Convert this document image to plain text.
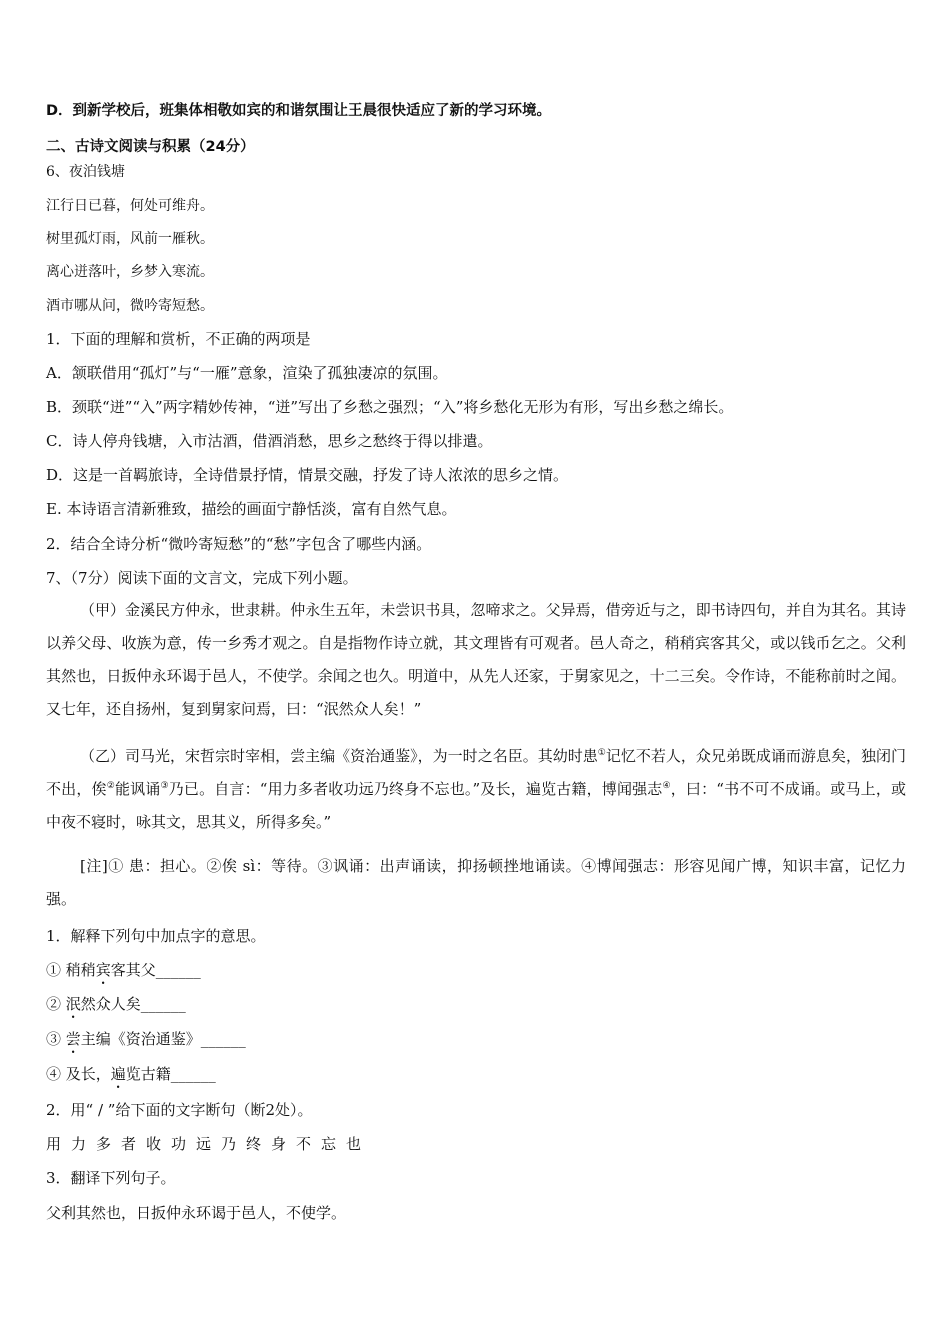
D．到新学校后，班集体相敬如宾的和谐氛围让王晨很快适应了新的学习环境。

二、古诗文阅读与积累（24分）

6、夜泊钱塘

江行日已暮，何处可维舟。

树里孤灯雨，风前一雁秋。

离心迸落叶，乡梦入寒流。

酒市哪从问，微吟寄短愁。

1．下面的理解和赏析，不正确的两项是

A．颔联借用“孤灯”与“一雁”意象，渲染了孤独凄凉的氛围。

B．颈联“迸”“入”两字精妙传神，“迸”写出了乡愁之强烈；“入”将乡愁化无形为有形，写出乡愁之绵长。

C．诗人停舟钱塘，入市沽酒，借酒消愁，思乡之愁终于得以排遣。

D．这是一首羁旅诗，全诗借景抒情，情景交融，抒发了诗人浓浓的思乡之情。

E. 本诗语言清新雅致，描绘的画面宁静恬淡，富有自然气息。

2．结合全诗分析“微吟寄短愁”的“愁”字包含了哪些内涵。

7、（7分）阅读下面的文言文，完成下列小题。

（甲）金溪民方仲永，世隶耕。仲永生五年，未尝识书具，忽啼求之。父异焉，借旁近与之，即书诗四句，并自为其名。其诗以养父母、收族为意，传一乡秀才观之。自是指物作诗立就，其文理皆有可观者。邑人奇之，稍稍宾客其父，或以钱币乞之。父利其然也，日扳仲永环谒于邑人，不使学。余闻之也久。明道中，从先人还家，于舅家见之，十二三矣。令作诗，不能称前时之闻。又七年，还自扬州，复到舅家问焉，曰：“泯然众人矣！”

（乙）司马光，宋哲宗时宰相，尝主编《资治通鉴》，为一时之名臣。其幼时患①记忆不若人，众兄弟既成诵而游息矣，独闭门不出，俟②能讽诵③乃已。自言：“用力多者收功远乃终身不忘也。”及长，遍览古籍，博闻强志④，曰：“书不可不成诵。或马上，或中夜不寝时，咏其文，思其义，所得多矣。”

[注]① 患：担心。②俟 sì：等待。③讽诵：出声诵读，抑扬顿挫地诵读。④博闻强志：形容见闻广博，知识丰富，记忆力强。

1．解释下列句中加点字的意思。

① 稍稍宾客其父______

② 泯然众人矣______

③ 尝主编《资治通鉴》______

④ 及长，遍览古籍______

2．用“ / ”给下面的文字断句（断2处）。

用力多者收功远乃终身不忘也

3．翻译下列句子。

父利其然也，日扳仲永环谒于邑人，不使学。
